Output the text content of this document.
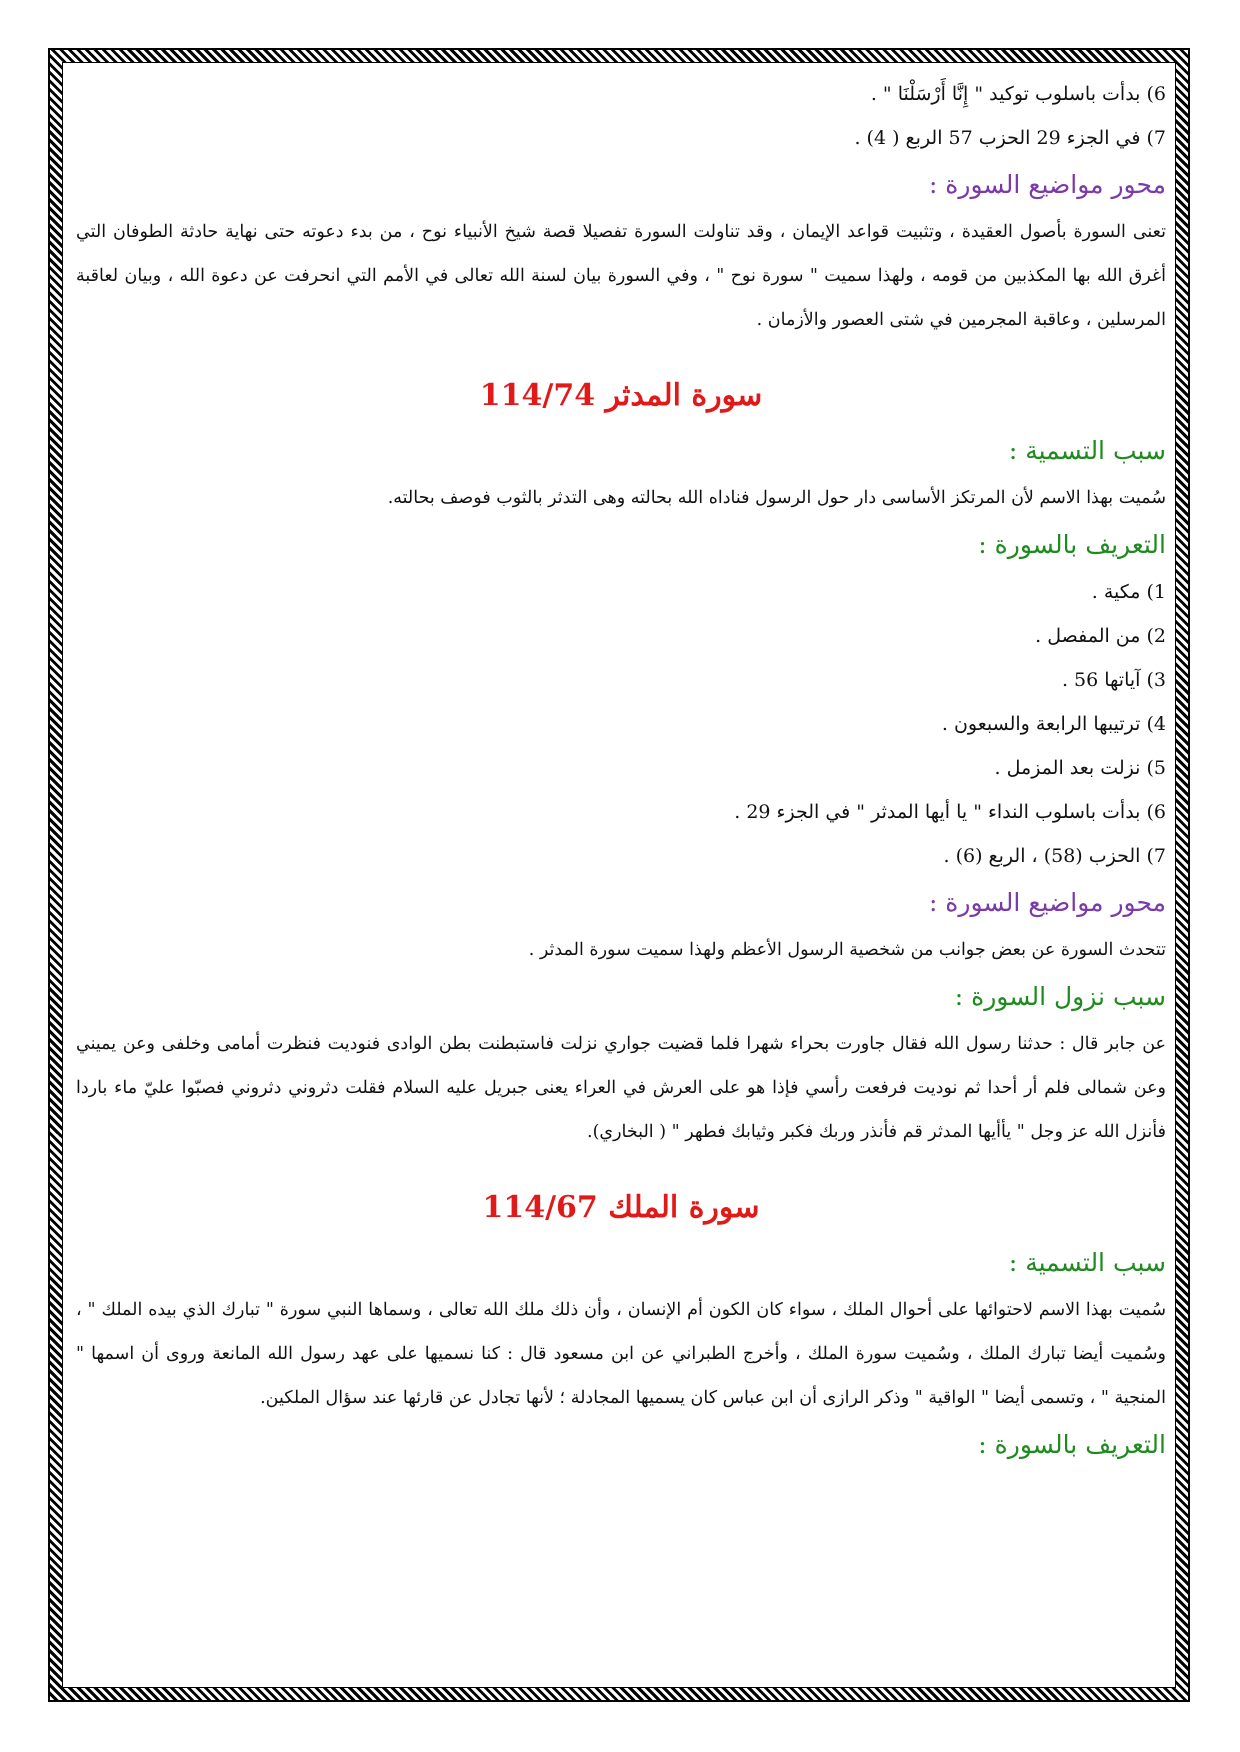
6) بدأت باسلوب توكيد " إِنَّا أَرْسَلْنَا " .
7) في الجزء 29 الحزب 57 الربع ( 4) .
محور مواضيع السورة :
تعنى السورة بأصول العقيدة ، وتثبيت قواعد الإيمان ، وقد تناولت السورة تفصيلا قصة شيخ الأنبياء نوح ، من بدء دعوته حتى نهاية حادثة الطوفان التي أغرق الله بها المكذبين من قومه ، ولهذا سميت " سورة نوح " ، وفي السورة بيان لسنة الله تعالى في الأمم التي انحرفت عن دعوة الله ، وبيان لعاقبة المرسلين ، وعاقبة المجرمين في شتى العصور والأزمان .
سورة المدثر 114/74
سبب التسمية :
سُميت بهذا الاسم لأن المرتكز الأساسى دار حول الرسول فناداه الله بحالته وهى التدثر بالثوب فوصف بحالته.
التعريف بالسورة :
1) مكية .
2) من المفصل .
3) آياتها 56 .
4) ترتيبها الرابعة والسبعون .
5) نزلت بعد المزمل .
6) بدأت باسلوب النداء " يا أيها المدثر " في الجزء 29 .
7) الحزب (58) ، الربع (6) .
محور مواضيع السورة :
تتحدث السورة عن بعض جوانب من شخصية الرسول الأعظم ولهذا سميت سورة المدثر .
سبب نزول السورة :
عن جابر قال : حدثنا رسول الله فقال جاورت بحراء شهرا فلما قضيت جواري نزلت فاستبطنت بطن الوادى فنوديت فنظرت أمامى وخلفى وعن يميني وعن شمالى فلم أر أحدا ثم نوديت فرفعت رأسي فإذا هو على العرش في العراء يعنى جبريل عليه السلام فقلت دثروني دثروني فصبّوا عليّ ماء باردا فأنزل الله عز وجل " يأأيها المدثر قم فأنذر وربك فكبر وثيابك فطهر " ( البخاري).
سورة الملك 114/67
سبب التسمية :
سُميت بهذا الاسم لاحتوائها على أحوال الملك ، سواء كان الكون أم الإنسان ، وأن ذلك ملك الله تعالى ، وسماها النبي سورة " تبارك الذي بيده الملك " ، وسُميت أيضا تبارك الملك ، وسُميت سورة الملك ، وأخرج الطبراني عن ابن مسعود قال : كنا نسميها على عهد رسول الله المانعة وروى أن اسمها " المنجية " ، وتسمى أيضا " الواقية " وذكر الرازى أن ابن عباس كان يسميها المجادلة ؛ لأنها تجادل عن قارئها عند سؤال الملكين.
التعريف بالسورة :
